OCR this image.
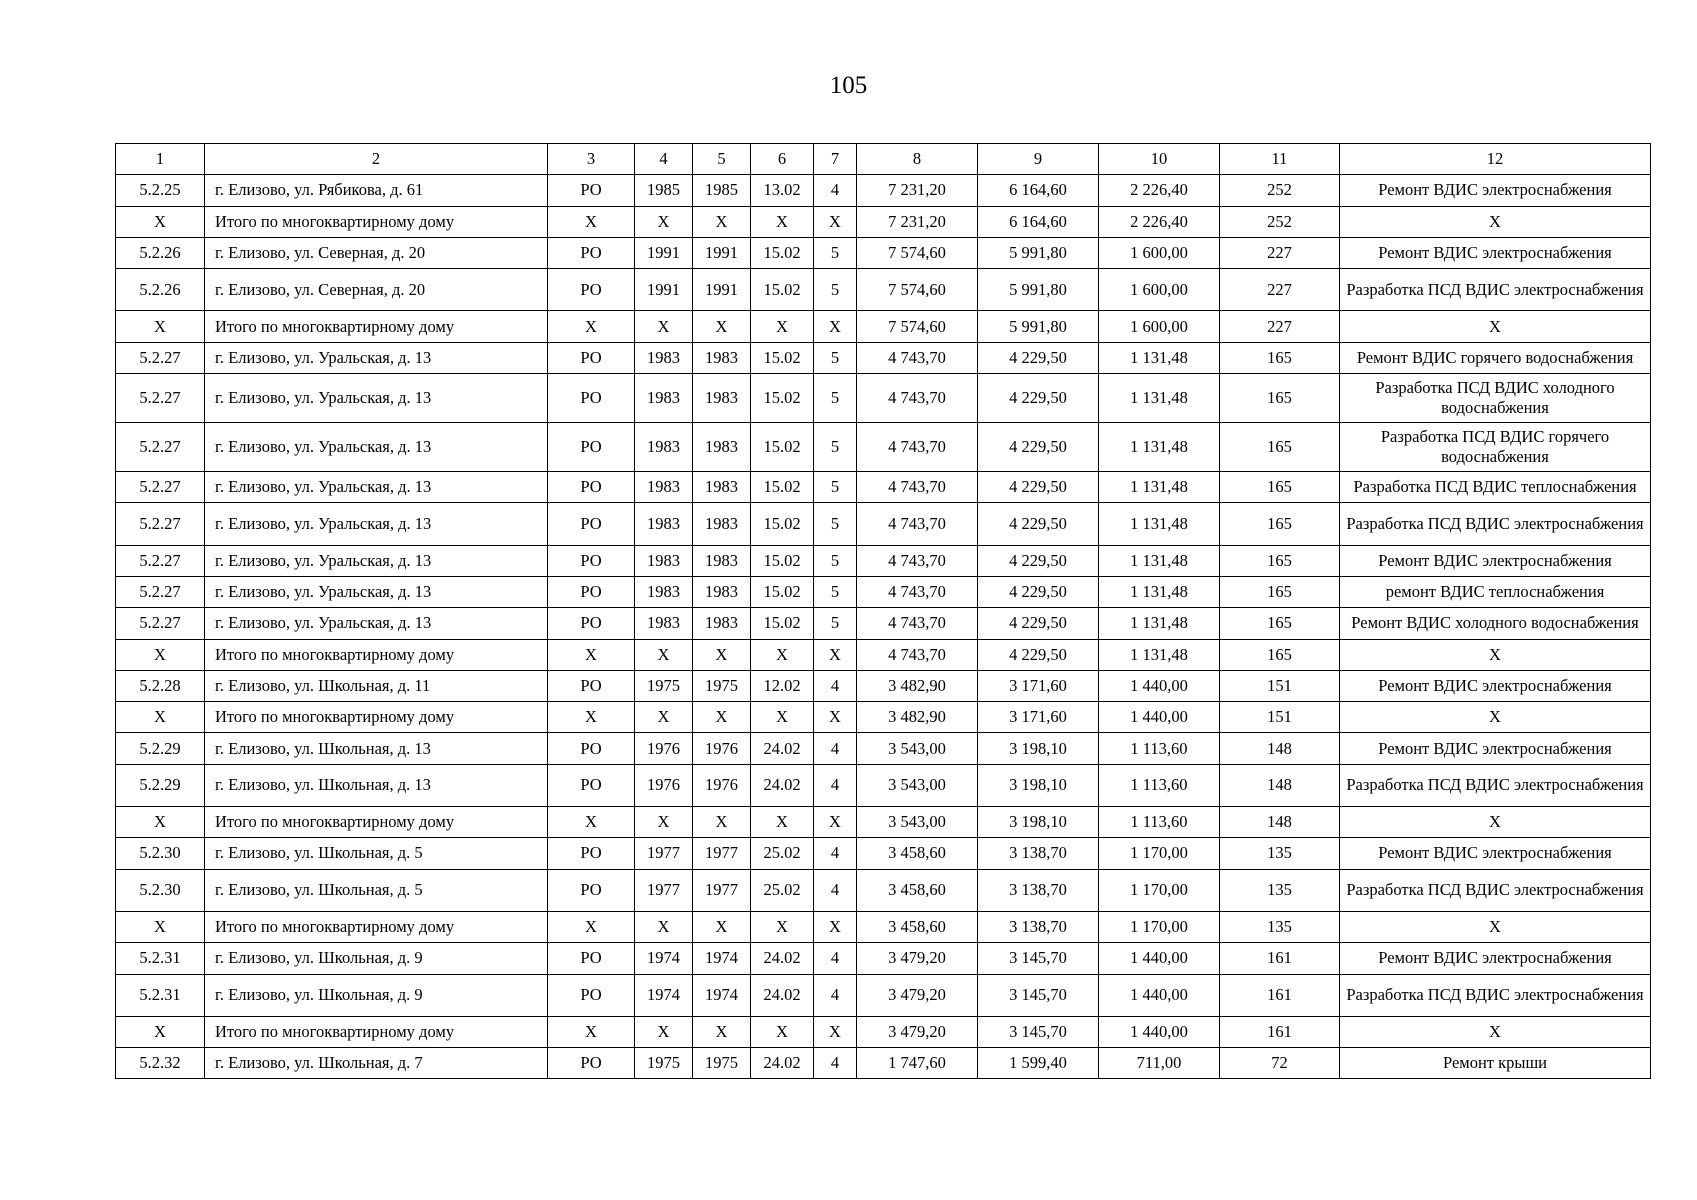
105
1	2	3	4	5	6	7	8	9	10	11	12
5.2.25	г. Елизово, ул. Рябикова, д. 61	РО	1985	1985	13.02	4	7 231,20	6 164,60	2 226,40	252	Ремонт ВДИС электроснабжения
X	Итого по многоквартирному дому	X	X	X	X	X	7 231,20	6 164,60	2 226,40	252	X
5.2.26	г. Елизово, ул. Северная, д. 20	РО	1991	1991	15.02	5	7 574,60	5 991,80	1 600,00	227	Ремонт ВДИС электроснабжения
5.2.26	г. Елизово, ул. Северная, д. 20	РО	1991	1991	15.02	5	7 574,60	5 991,80	1 600,00	227	Разработка ПСД ВДИС электроснабжения
X	Итого по многоквартирному дому	X	X	X	X	X	7 574,60	5 991,80	1 600,00	227	X
5.2.27	г. Елизово, ул. Уральская, д. 13	РО	1983	1983	15.02	5	4 743,70	4 229,50	1 131,48	165	Ремонт ВДИС горячего водоснабжения
5.2.27	г. Елизово, ул. Уральская, д. 13	РО	1983	1983	15.02	5	4 743,70	4 229,50	1 131,48	165	Разработка ПСД ВДИС холодного водоснабжения
5.2.27	г. Елизово, ул. Уральская, д. 13	РО	1983	1983	15.02	5	4 743,70	4 229,50	1 131,48	165	Разработка ПСД ВДИС горячего водоснабжения
5.2.27	г. Елизово, ул. Уральская, д. 13	РО	1983	1983	15.02	5	4 743,70	4 229,50	1 131,48	165	Разработка ПСД ВДИС теплоснабжения
5.2.27	г. Елизово, ул. Уральская, д. 13	РО	1983	1983	15.02	5	4 743,70	4 229,50	1 131,48	165	Разработка ПСД ВДИС электроснабжения
5.2.27	г. Елизово, ул. Уральская, д. 13	РО	1983	1983	15.02	5	4 743,70	4 229,50	1 131,48	165	Ремонт ВДИС электроснабжения
5.2.27	г. Елизово, ул. Уральская, д. 13	РО	1983	1983	15.02	5	4 743,70	4 229,50	1 131,48	165	ремонт ВДИС теплоснабжения
5.2.27	г. Елизово, ул. Уральская, д. 13	РО	1983	1983	15.02	5	4 743,70	4 229,50	1 131,48	165	Ремонт ВДИС холодного водоснабжения
X	Итого по многоквартирному дому	X	X	X	X	X	4 743,70	4 229,50	1 131,48	165	X
5.2.28	г. Елизово, ул. Школьная, д. 11	РО	1975	1975	12.02	4	3 482,90	3 171,60	1 440,00	151	Ремонт ВДИС электроснабжения
X	Итого по многоквартирному дому	X	X	X	X	X	3 482,90	3 171,60	1 440,00	151	X
5.2.29	г. Елизово, ул. Школьная, д. 13	РО	1976	1976	24.02	4	3 543,00	3 198,10	1 113,60	148	Ремонт ВДИС электроснабжения
5.2.29	г. Елизово, ул. Школьная, д. 13	РО	1976	1976	24.02	4	3 543,00	3 198,10	1 113,60	148	Разработка ПСД ВДИС электроснабжения
X	Итого по многоквартирному дому	X	X	X	X	X	3 543,00	3 198,10	1 113,60	148	X
5.2.30	г. Елизово, ул. Школьная, д. 5	РО	1977	1977	25.02	4	3 458,60	3 138,70	1 170,00	135	Ремонт ВДИС электроснабжения
5.2.30	г. Елизово, ул. Школьная, д. 5	РО	1977	1977	25.02	4	3 458,60	3 138,70	1 170,00	135	Разработка ПСД ВДИС электроснабжения
X	Итого по многоквартирному дому	X	X	X	X	X	3 458,60	3 138,70	1 170,00	135	X
5.2.31	г. Елизово, ул. Школьная, д. 9	РО	1974	1974	24.02	4	3 479,20	3 145,70	1 440,00	161	Ремонт ВДИС электроснабжения
5.2.31	г. Елизово, ул. Школьная, д. 9	РО	1974	1974	24.02	4	3 479,20	3 145,70	1 440,00	161	Разработка ПСД ВДИС электроснабжения
X	Итого по многоквартирному дому	X	X	X	X	X	3 479,20	3 145,70	1 440,00	161	X
5.2.32	г. Елизово, ул. Школьная, д. 7	РО	1975	1975	24.02	4	1 747,60	1 599,40	711,00	72	Ремонт крыши
